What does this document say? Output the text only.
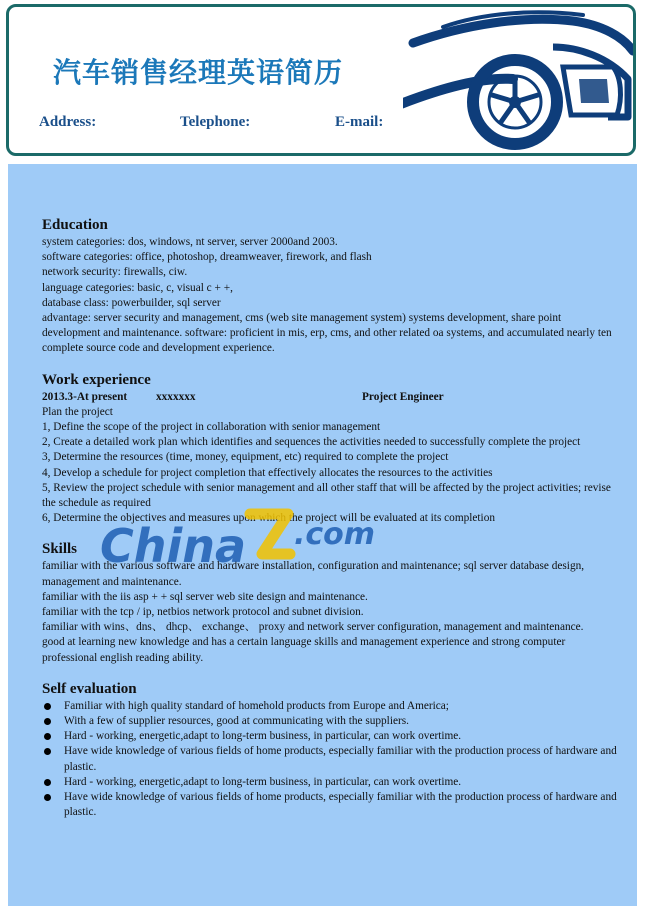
汽车销售经理英语简历
Address:	Telephone:	E-mail:
Education
system categories: dos, windows, nt server, server 2000and 2003.
software categories: office, photoshop, dreamweaver, firework, and flash
network security: firewalls, ciw.
language categories: basic, c, visual c + +,
database class: powerbuilder, sql server
advantage: server security and management, cms (web site management system) systems development, share point development and maintenance. software: proficient in mis, erp, cms, and other related oa systems, and accumulated nearly ten complete source code and development experience.
Work experience
2013.3-At present	xxxxxxx	Project Engineer
Plan the project
1, Define the scope of the project in collaboration with senior management
2, Create a detailed work plan which identifies and sequences the activities needed to successfully complete the project
3, Determine the resources (time, money, equipment, etc) required to complete the project
4, Develop a schedule for project completion that effectively allocates the resources to the activities
5, Review the project schedule with senior management and all other staff that will be affected by the project activities; revise the schedule as required
6, Determine the objectives and measures upon which the project will be evaluated at its completion
Skills
familiar with the various software and hardware installation, configuration and maintenance; sql server database design, management and maintenance.
familiar with the iis asp + + sql server web site design and maintenance.
familiar with the tcp / ip, netbios network protocol and subnet division.
familiar with wins、dns、 dhcp、 exchange、 proxy and network server configuration, management and maintenance.
good at learning new knowledge and has a certain language skills and management experience and strong computer professional english reading ability.
Self evaluation
Familiar with high quality standard of homehold products from Europe and America;
With a few of supplier resources, good at communicating with the suppliers.
Hard - working, energetic,adapt to long-term business, in particular, can work overtime.
Have wide knowledge of various fields of home products, especially familiar with the production process of hardware and plastic.
Hard - working, energetic,adapt to long-term business, in particular, can work overtime.
Have wide knowledge of various fields of home products, especially familiar with the production process of hardware and plastic.
China .com
